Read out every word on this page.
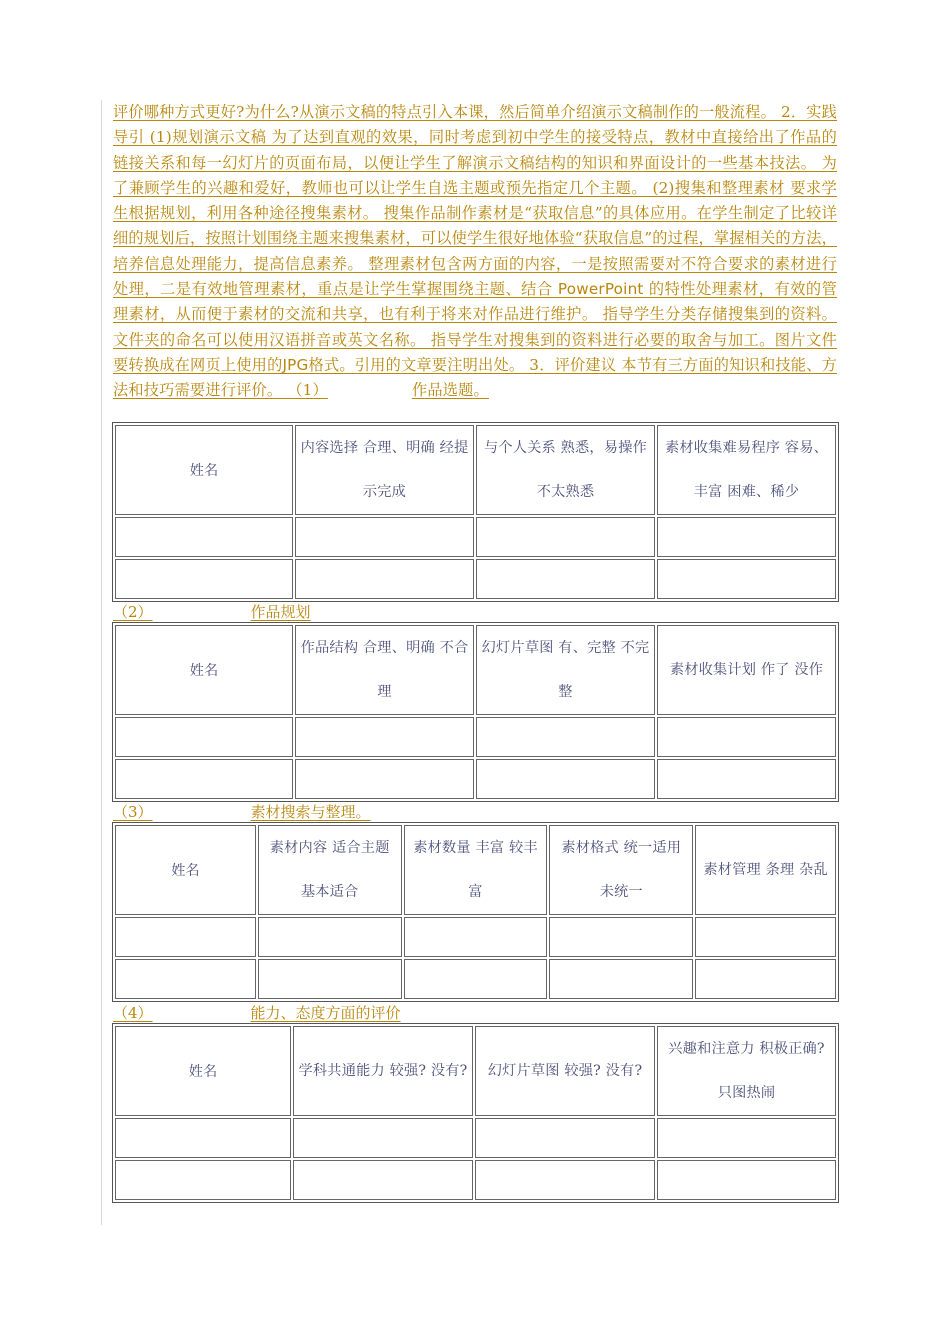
评价哪种方式更好?为什么?从演示文稿的特点引入本课，然后简单介绍演示文稿制作的一般流程。 2．实践导引 (1)规划演示文稿 为了达到直观的效果，同时考虑到初中学生的接受特点，教材中直接给出了作品的链接关系和每一幻灯片的页面布局，以便让学生了解演示文稿结构的知识和界面设计的一些基本技法。 为了兼顾学生的兴趣和爱好，教师也可以让学生自选主题或预先指定几个主题。 (2)搜集和整理素材 要求学生根据规划，利用各种途径搜集素材。 搜集作品制作素材是“获取信息”的具体应用。在学生制定了比较详细的规划后，按照计划围绕主题来搜集素材，可以使学生很好地体验“获取信息”的过程，掌握相关的方法，培养信息处理能力，提高信息素养。 整理素材包含两方面的内容，一是按照需要对不符合要求的素材进行处理，二是有效地管理素材，重点是让学生掌握围绕主题、结合 PowerPoint 的特性处理素材，有效的管理素材，从而便于素材的交流和共享，也有利于将来对作品进行维护。 指导学生分类存储搜集到的资料。文件夹的命名可以使用汉语拼音或英文名称。 指导学生对搜集到的资料进行必要的取舍与加工。图片文件要转换成在网页上使用的JPG格式。引用的文章要注明出处。 3．评价建议 本节有三方面的知识和技能、方法和技巧需要进行评价。 （1）	作品选题。
姓名	内容选择 合理、明确 经提示完成	与个人关系 熟悉，易操作 不太熟悉	素材收集难易程序 容易、丰富 困难、稀少

（2）	作品规划
姓名	作品结构 合理、明确 不合理	幻灯片草图 有、完整 不完整	素材收集计划 作了 没作

（3）	素材搜索与整理。
姓名	素材内容 适合主题 基本适合	素材数量 丰富 较丰富	素材格式 统一适用 未统一	素材管理 条理 杂乱

（4）	能力、态度方面的评价
姓名	学科共通能力 较强? 没有?	幻灯片草图 较强? 没有?	兴趣和注意力 积极正确? 只图热闹
